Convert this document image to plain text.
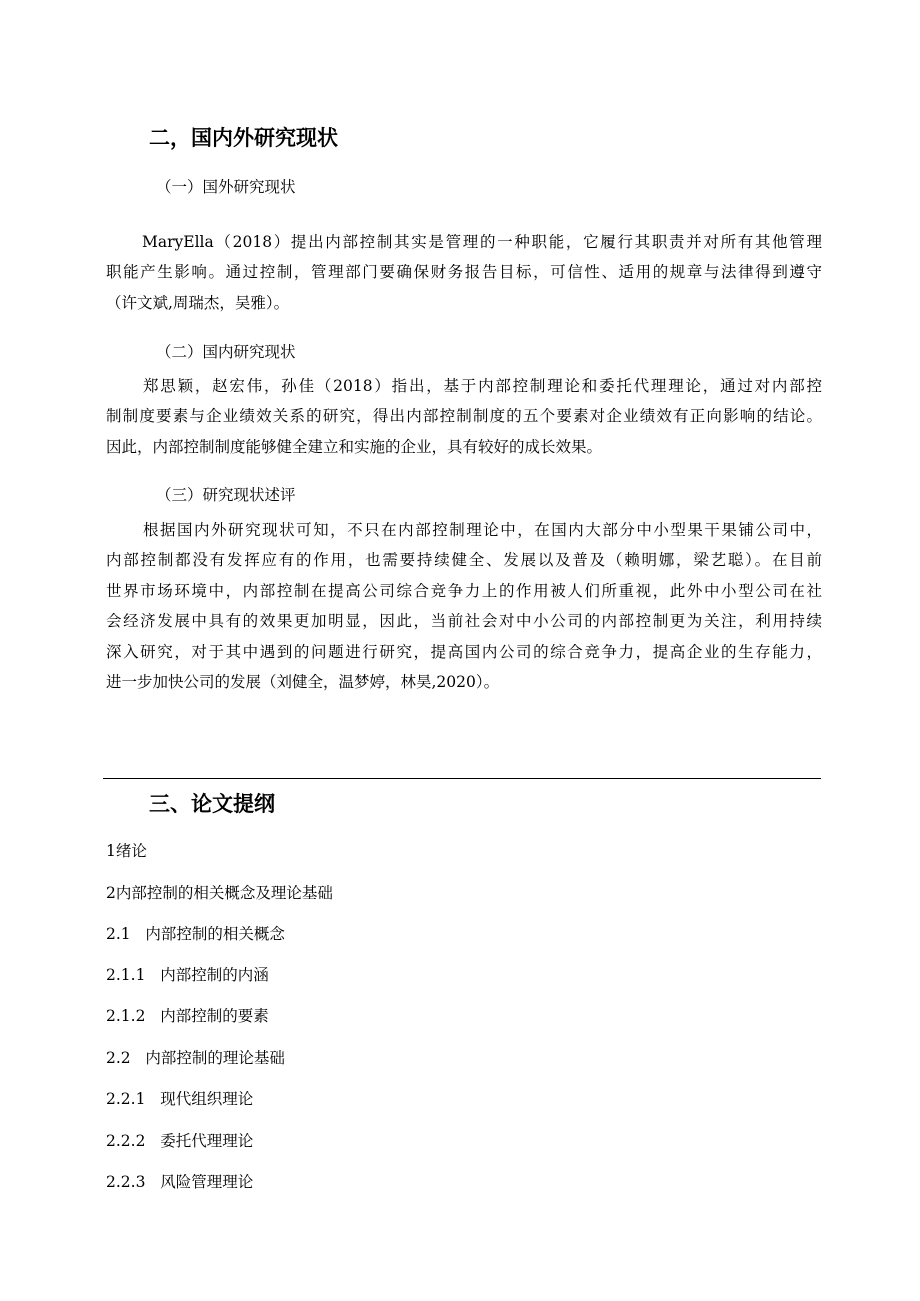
二，国内外研究现状
（一）国外研究现状
MaryElla（2018）提出内部控制其实是管理的一种职能，它履行其职责并对所有其他管理
职能产生影响。通过控制，管理部门要确保财务报告目标，可信性、适用的规章与法律得到遵守
（许文斌,周瑞杰，吴雅）。
（二）国内研究现状
郑思颖，赵宏伟，孙佳（2018）指出，基于内部控制理论和委托代理理论，通过对内部控
制制度要素与企业绩效关系的研究，得出内部控制制度的五个要素对企业绩效有正向影响的结论。
因此，内部控制制度能够健全建立和实施的企业，具有较好的成长效果。
（三）研究现状述评
根据国内外研究现状可知，不只在内部控制理论中，在国内大部分中小型果干果铺公司中，
内部控制都没有发挥应有的作用，也需要持续健全、发展以及普及（赖明娜，梁艺聪）。在目前
世界市场环境中，内部控制在提高公司综合竞争力上的作用被人们所重视，此外中小型公司在社
会经济发展中具有的效果更加明显，因此，当前社会对中小公司的内部控制更为关注，利用持续
深入研究，对于其中遇到的问题进行研究，提高国内公司的综合竞争力，提高企业的生存能力，
进一步加快公司的发展（刘健全，温梦婷，林昊,2020）。
三、论文提纲
1绪论
2内部控制的相关概念及理论基础
2.1   内部控制的相关概念
2.1.1   内部控制的内涵
2.1.2   内部控制的要素
2.2   内部控制的理论基础
2.2.1   现代组织理论
2.2.2   委托代理理论
2.2.3   风险管理理论
